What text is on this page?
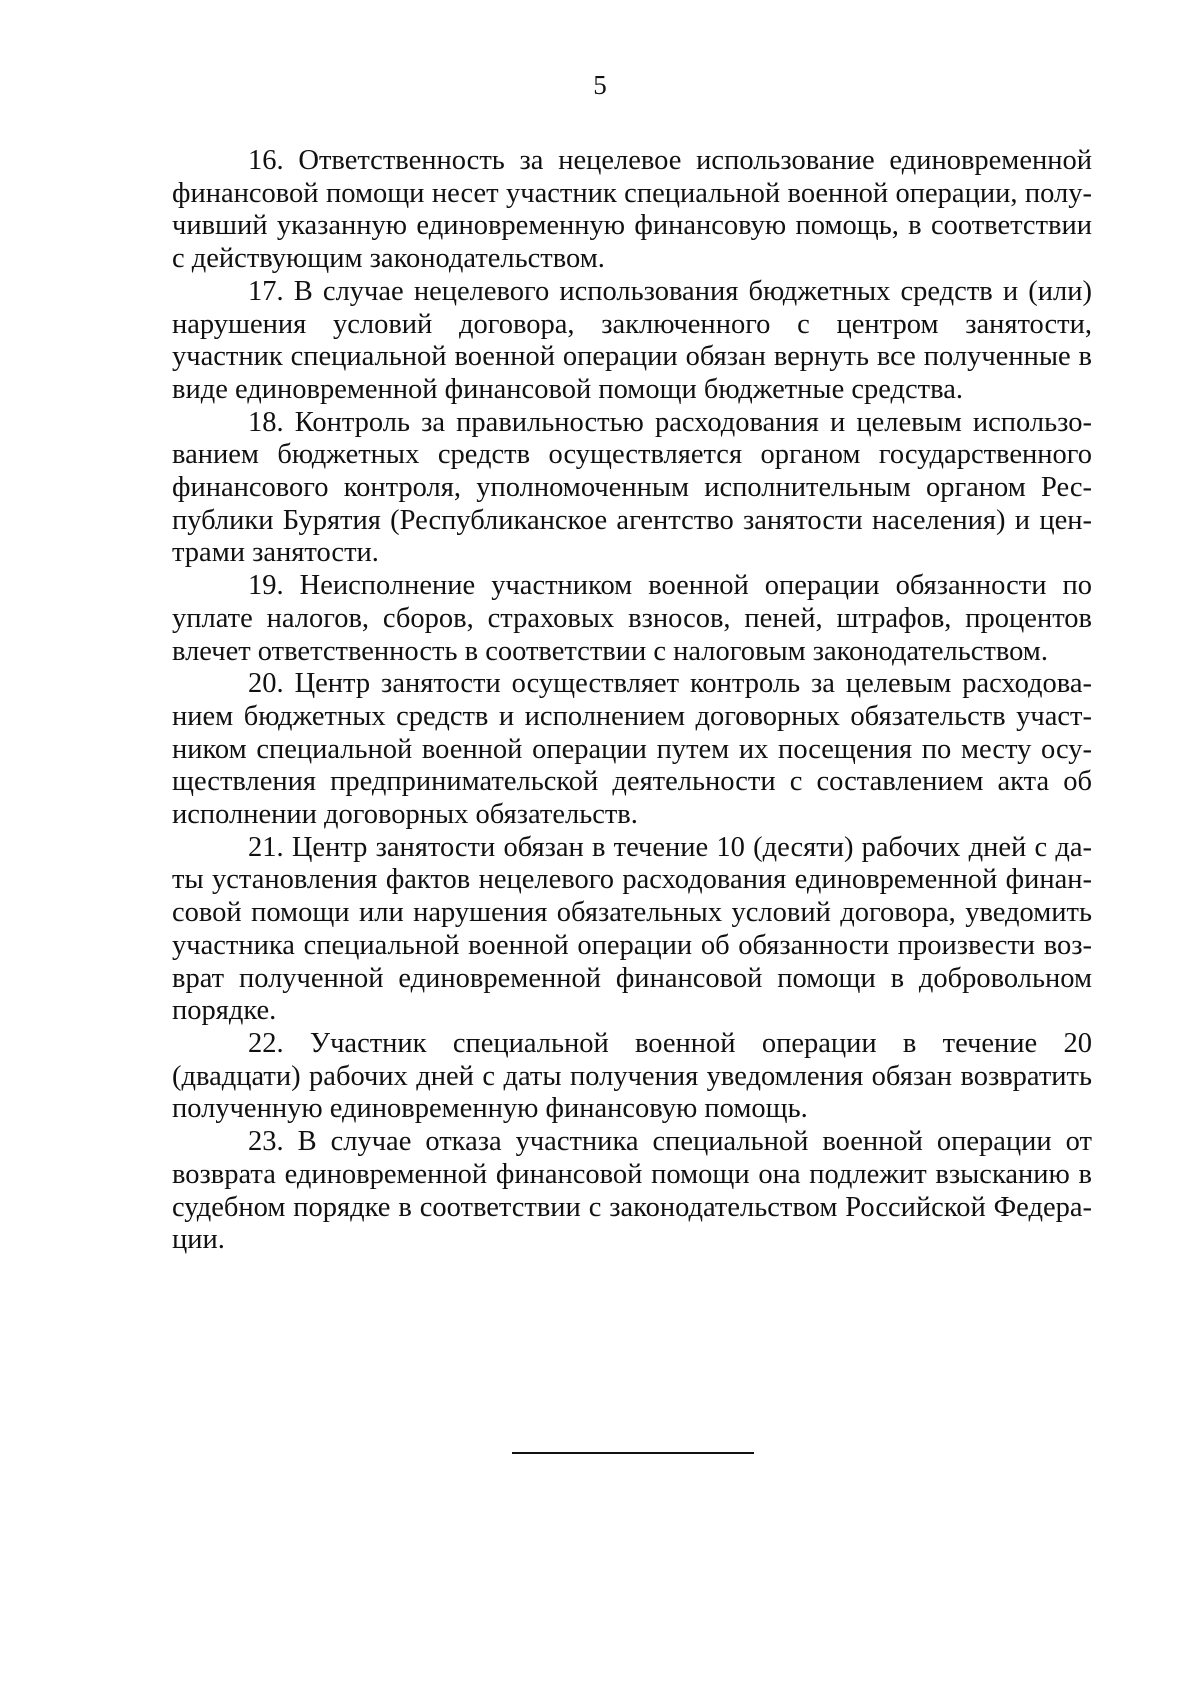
5

16. Ответственность за нецелевое использование единовременной финансовой помощи несет участник специальной военной операции, получивший указанную единовременную финансовую помощь, в соответствии с действующим законодательством.

17. В случае нецелевого использования бюджетных средств и (или) нарушения условий договора, заключенного с центром занятости, участник специальной военной операции обязан вернуть все полученные в виде единовременной финансовой помощи бюджетные средства.

18. Контроль за правильностью расходования и целевым использованием бюджетных средств осуществляется органом государственного финансового контроля, уполномоченным исполнительным органом Республики Бурятия (Республиканское агентство занятости населения) и центрами занятости.

19. Неисполнение участником военной операции обязанности по уплате налогов, сборов, страховых взносов, пеней, штрафов, процентов влечет ответственность в соответствии с налоговым законодательством.

20. Центр занятости осуществляет контроль за целевым расходованием бюджетных средств и исполнением договорных обязательств участником специальной военной операции путем их посещения по месту осуществления предпринимательской деятельности с составлением акта об исполнении договорных обязательств.

21. Центр занятости обязан в течение 10 (десяти) рабочих дней с даты установления фактов нецелевого расходования единовременной финансовой помощи или нарушения обязательных условий договора, уведомить участника специальной военной операции об обязанности произвести возврат полученной единовременной финансовой помощи в добровольном порядке.

22. Участник специальной военной операции в течение 20 (двадцати) рабочих дней с даты получения уведомления обязан возвратить полученную единовременную финансовую помощь.

23. В случае отказа участника специальной военной операции от возврата единовременной финансовой помощи она подлежит взысканию в судебном порядке в соответствии с законодательством Российской Федерации.
